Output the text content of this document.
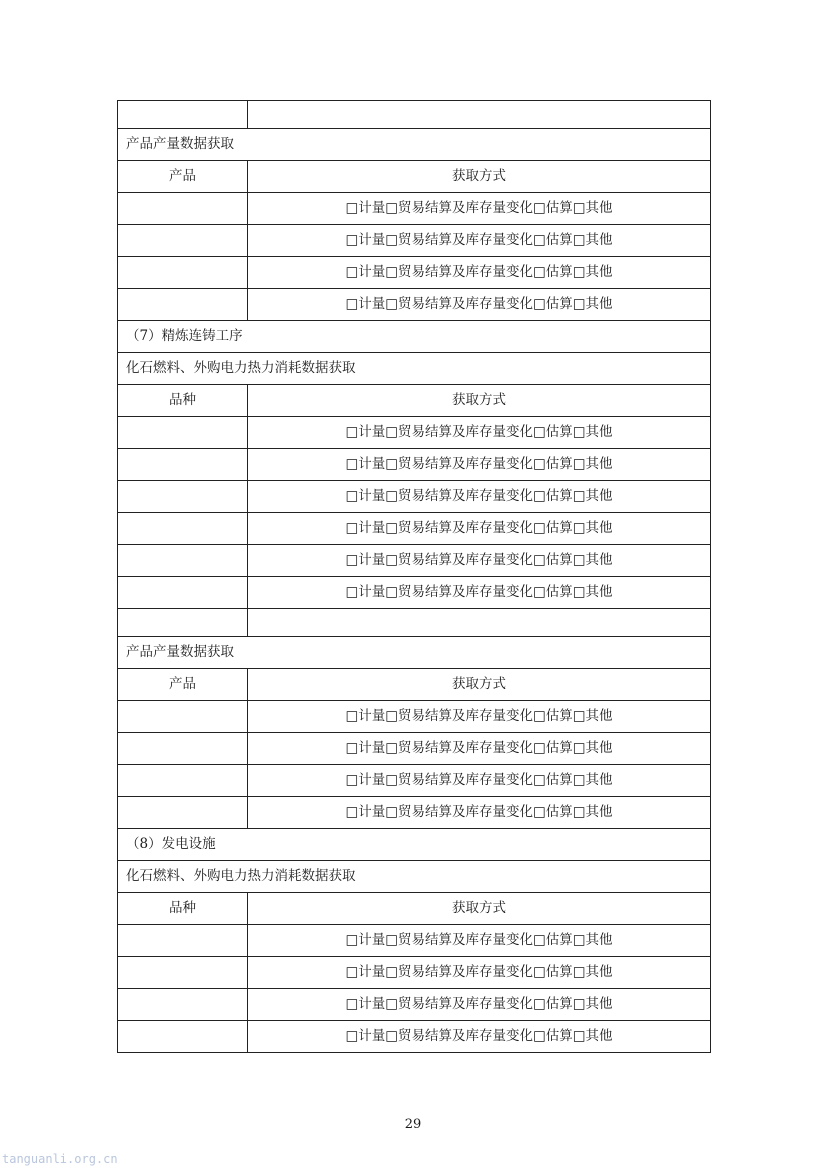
产品产量数据获取	
产品	获取方式
	□计量□贸易结算及库存量变化□估算□其他
	□计量□贸易结算及库存量变化□估算□其他
	□计量□贸易结算及库存量变化□估算□其他
	□计量□贸易结算及库存量变化□估算□其他
（7）精炼连铸工序	
化石燃料、外购电力热力消耗数据获取	
品种	获取方式
	□计量□贸易结算及库存量变化□估算□其他
	□计量□贸易结算及库存量变化□估算□其他
	□计量□贸易结算及库存量变化□估算□其他
	□计量□贸易结算及库存量变化□估算□其他
	□计量□贸易结算及库存量变化□估算□其他
	□计量□贸易结算及库存量变化□估算□其他

产品产量数据获取	
产品	获取方式
	□计量□贸易结算及库存量变化□估算□其他
	□计量□贸易结算及库存量变化□估算□其他
	□计量□贸易结算及库存量变化□估算□其他
	□计量□贸易结算及库存量变化□估算□其他
（8）发电设施	
化石燃料、外购电力热力消耗数据获取	
品种	获取方式
	□计量□贸易结算及库存量变化□估算□其他
	□计量□贸易结算及库存量变化□估算□其他
	□计量□贸易结算及库存量变化□估算□其他
	□计量□贸易结算及库存量变化□估算□其他
29
tanguanli.org.cn
